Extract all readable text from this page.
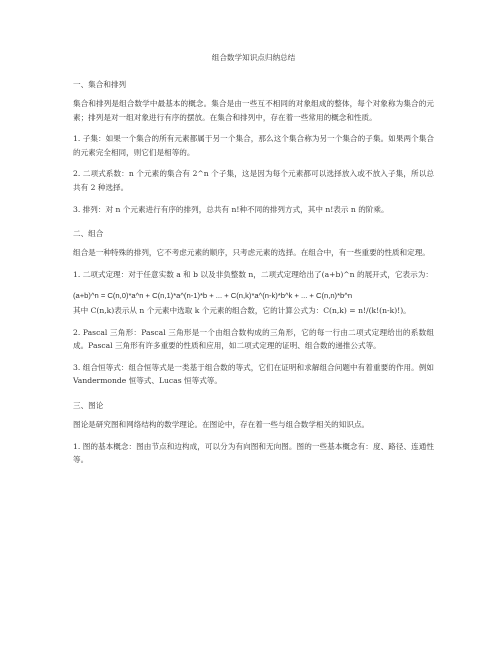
组合数学知识点归纳总结
一、集合和排列

集合和排列是组合数学中最基本的概念。集合是由一些互不相同的对象组成的整体，每个对象称为集合的元素；排列是对一组对象进行有序的摆放。在集合和排列中，存在着一些常用的概念和性质。

1. 子集：如果一个集合的所有元素都属于另一个集合，那么这个集合称为另一个集合的子集。如果两个集合的元素完全相同，则它们是相等的。

2. 二项式系数：n 个元素的集合有 2^n 个子集，这是因为每个元素都可以选择放入或不放入子集，所以总共有 2 种选择。

3. 排列：对 n 个元素进行有序的排列，总共有 n!种不同的排列方式，其中 n!表示 n 的阶乘。

二、组合

组合是一种特殊的排列，它不考虑元素的顺序，只考虑元素的选择。在组合中，有一些重要的性质和定理。

1. 二项式定理：对于任意实数 a 和 b 以及非负整数 n，二项式定理给出了(a+b)^n 的展开式，它表示为：

(a+b)^n = C(n,0)*a^n + C(n,1)*a^(n-1)*b + ... + C(n,k)*a^(n-k)*b^k + ... + C(n,n)*b^n

其中 C(n,k)表示从 n 个元素中选取 k 个元素的组合数，它的计算公式为：C(n,k) = n!/(k!(n-k)!)。

2. Pascal 三角形：Pascal 三角形是一个由组合数构成的三角形，它的每一行由二项式定理给出的系数组成。Pascal 三角形有许多重要的性质和应用，如二项式定理的证明、组合数的递推公式等。

3. 组合恒等式：组合恒等式是一类基于组合数的等式，它们在证明和求解组合问题中有着重要的作用。例如 Vandermonde 恒等式、Lucas 恒等式等。

三、图论

图论是研究图和网络结构的数学理论。在图论中，存在着一些与组合数学相关的知识点。

1. 图的基本概念：图由节点和边构成，可以分为有向图和无向图。图的一些基本概念有：度、路径、连通性等。
